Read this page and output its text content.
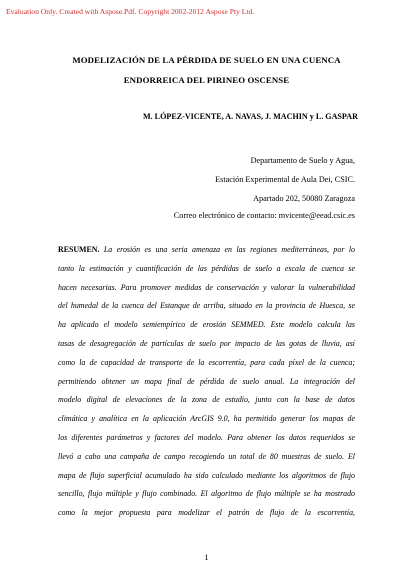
Evaluation Only. Created with Aspose.Pdf. Copyright 2002-2012 Aspose Pty Ltd.
MODELIZACIÓN DE LA PÉRDIDA DE SUELO EN UNA CUENCA
ENDORREICA DEL PIRINEO OSCENSE
M. LÓPEZ-VICENTE, A. NAVAS, J. MACHIN y L. GASPAR
Departamento de Suelo y Agua,
Estación Experimental de Aula Dei, CSIC.
Apartado 202, 50080 Zaragoza
Correo electrónico de contacto: mvicente@eead.csic.es
RESUMEN. La erosión es una seria amenaza en las regiones mediterráneas, por lo
tanto la estimación y cuantificación de las pérdidas de suelo a escala de cuenca se
hacen necesarias. Para promover medidas de conservación y valorar la vulnerabilidad
del humedal de la cuenca del Estanque de arriba, situado en la provincia de Huesca, se
ha aplicado el modelo semiempírico de erosión SEMMED. Este modelo calcula las
tasas de desagregación de partículas de suelo por impacto de las gotas de lluvia, así
como la de capacidad de transporte de la escorrentía, para cada píxel de la cuenca;
permitiendo obtener un mapa final de pérdida de suelo anual. La integración del
modelo digital de elevaciones de la zona de estudio, junto con la base de datos
climática y analítica en la aplicación ArcGIS 9.0, ha permitido generar los mapas de
los diferentes parámetros y factores del modelo. Para obtener los datos requeridos se
llevó a cabo una campaña de campo recogiendo un total de 80 muestras de suelo. El
mapa de flujo superficial acumulado ha sido calculado mediante los algoritmos de flujo
sencillo, flujo múltiple y flujo combinado. El algoritmo de flujo múltiple se ha mostrado
como la mejor propuesta para modelizar el patrón de flujo de la escorrentía,
1
